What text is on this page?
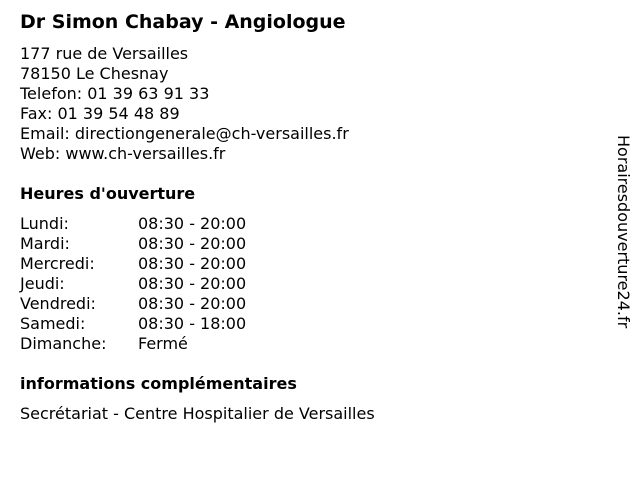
Dr Simon Chabay - Angiologue
177 rue de Versailles
78150 Le Chesnay
Telefon: 01 39 63 91 33
Fax: 01 39 54 48 89
Email: directiongenerale@ch-versailles.fr
Web: www.ch-versailles.fr
Heures d'ouverture
Lundi:	08:30 - 20:00
Mardi:	08:30 - 20:00
Mercredi:	08:30 - 20:00
Jeudi:	08:30 - 20:00
Vendredi:	08:30 - 20:00
Samedi:	08:30 - 18:00
Dimanche: Fermé
informations complémentaires
Secrétariat - Centre Hospitalier de Versailles
Horairesdouverture24.fr
